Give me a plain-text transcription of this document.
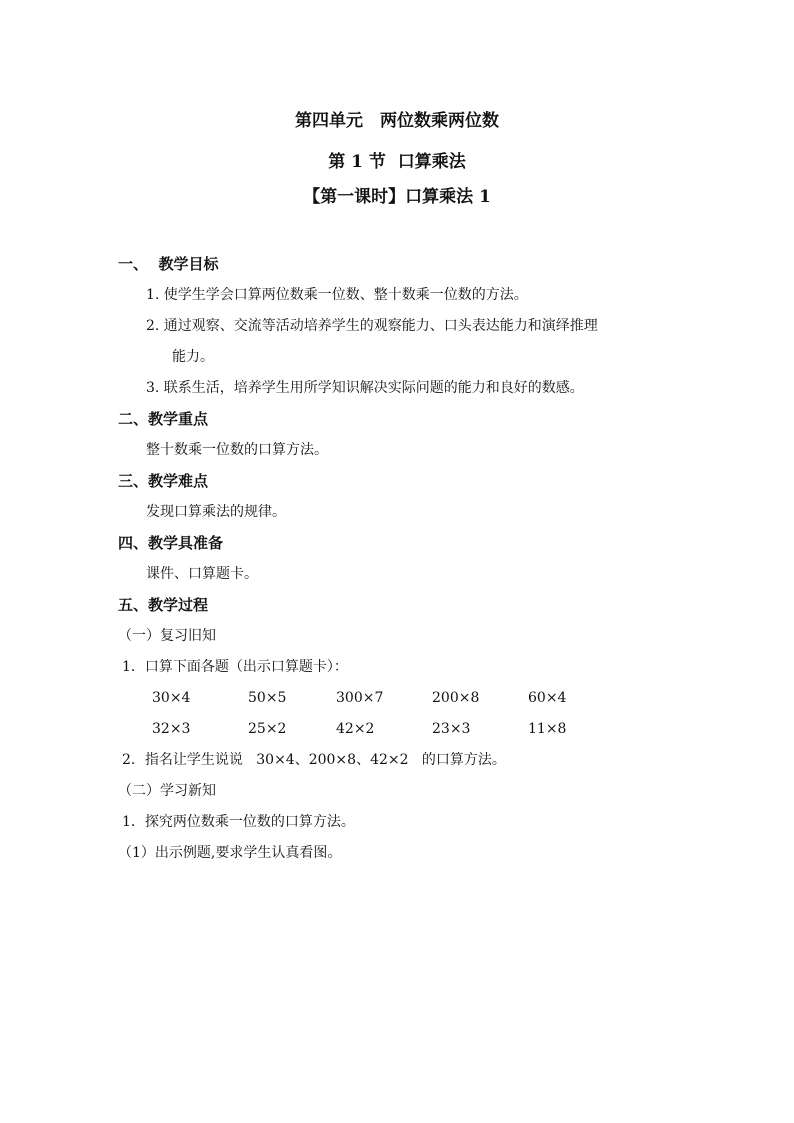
第四单元　两位数乘两位数
第 1 节  口算乘法
【第一课时】口算乘法 1
一、  教学目标
1. 使学生学会口算两位数乘一位数、整十数乘一位数的方法。
2. 通过观察、交流等活动培养学生的观察能力、口头表达能力和演绎推理
能力。
3. 联系生活，培养学生用所学知识解决实际问题的能力和良好的数感。
二、教学重点
整十数乘一位数的口算方法。
三、教学难点
发现口算乘法的规律。
四、教学具准备
课件、口算题卡。
五、教学过程
（一）复习旧知
1．口算下面各题（出示口算题卡）：
30×4	50×5	300×7	200×8	60×4
32×3	25×2	42×2	23×3	11×8
2．指名让学生说说   30×4、200×8、42×2   的口算方法。
（二）学习新知
1．探究两位数乘一位数的口算方法。
（1）出示例题,要求学生认真看图。
